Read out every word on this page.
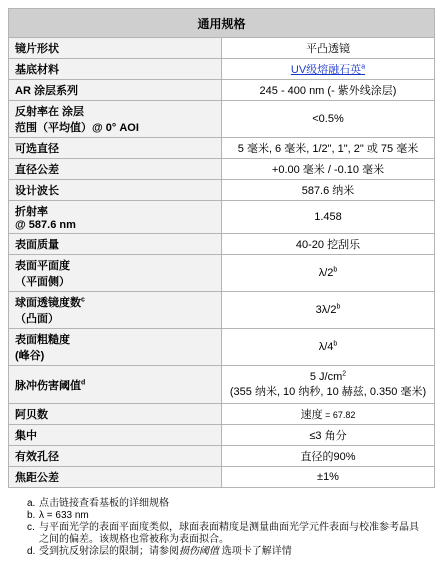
通用规格	
镜片形状	平凸透镜
基底材料	UV级熔融石英$^a$
AR 涂层系列	245 - 400 nm (- 紫外线涂层)
反射率在 涂层
范围（平均值）@ 0° AOI	<0.5%
可选直径	5 毫米, 6 毫米, 1/2", 1", 2" 或 75 毫米
直径公差	+0.00 毫米 / -0.10 毫米
设计波长	587.6 纳米
折射率
@ 587.6 nm	1.458
表面质量	40-20 挖刮乐
表面平面度
（平面侧）	λ/2$^b$
球面透镜度数$^c$
（凸面）	3λ/2$^b$
表面粗糙度
(峰谷)	λ/4$^b$
脉冲伤害阈值$^d$	5 $J/cm^2$
(355 纳米, 10 纳秒, 10 赫兹, 0.350 毫米)
阿贝数	速度 = 67.82
集中	≤3 角分
有效孔径	直径的90%
焦距公差	±1%
a. 点击链接查看基板的详细规格
b. λ = 633 nm
c. 与平面光学的表面平面度类似，球面表面精度是测量曲面光学元件表面与校准参考晶具之间的偏差。该规格也常被称为表面拟合。
d. 受到抗反射涂层的限制；请参阅损伤阈值 选项卡了解详情
